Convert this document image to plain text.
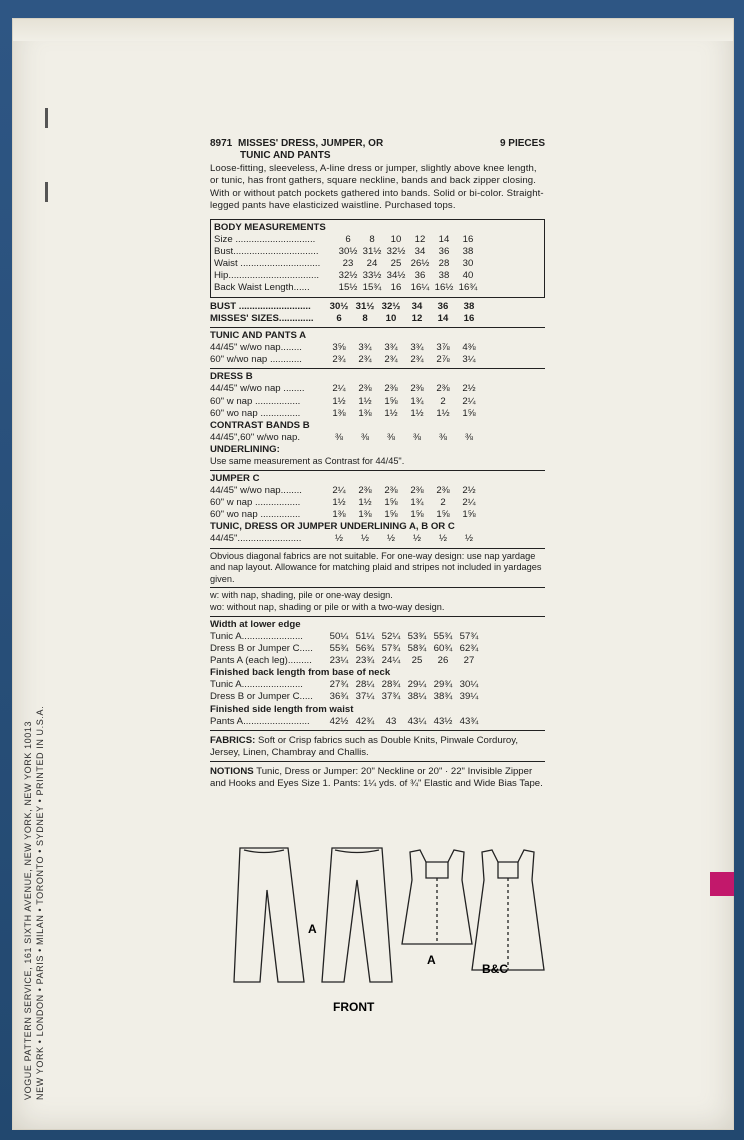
VOGUE PATTERN SERVICE, 161 SIXTH AVENUE, NEW YORK, NEW YORK 10013 NEW YORK • LONDON • PARIS • MILAN • TORONTO • SYDNEY • PRINTED IN U.S.A.
8971 MISSES' DRESS, JUMPER, OR	9 PIECES
TUNIC AND PANTS
Loose-fitting, sleeveless, A-line dress or jumper, slightly above knee length, or tunic, has front gathers, square neckline, bands and back zipper closing. With or without patch pockets gathered into bands. Solid or bi-color. Straight-legged pants have elasticized waistline. Purchased tops.
BODY MEASUREMENTS
Size ..............................	6	8	10	12	14	16
Bust................................	30½ 31½ 32½ 34	36	38
Waist ..............................	23	24	25 26½ 28	30
Hip..................................	32½ 33½ 34½ 36	38	40
Back Waist Length......	15½ 15¾ 16 16¼ 16½ 16¾
BUST ...........................	30½ 31½ 32½	34	36	38
MISSES' SIZES.............	6	8	10	12	14	16
TUNIC AND PANTS A
44/45" w/wo nap........	3⅝	3¾	3¾	3¾	3⅞	4⅜
60" w/wo nap ............	2¾	2¾	2¾	2¾	2⅞	3¼
DRESS B
44/45" w/wo nap ........	2¼	2⅜	2⅜	2⅜	2⅜	2½
60" w nap .................	1½	1½	1⅝	1¾	2	2¼
60" wo nap ...............	1⅜	1⅜	1½	1½	1½	1⅝
CONTRAST BANDS B
44/45",60" w/wo nap.	⅜	⅜	⅜	⅜	⅜	⅜
UNDERLINING:
Use same measurement as Contrast for 44/45".
JUMPER C
44/45" w/wo nap........	2¼	2⅜	2⅜	2⅜	2⅜	2½
60" w nap .................	1½	1½	1⅝	1¾	2	2¼
60" wo nap ...............	1⅜	1⅜	1⅝	1⅝	1⅝	1⅝
TUNIC, DRESS OR JUMPER UNDERLINING A, B OR C
44/45"........................	½	½	½	½	½	½
Obvious diagonal fabrics are not suitable. For one-way design: use nap yardage and nap layout. Allowance for matching plaid and stripes not included in yardages given.
w: with nap, shading, pile or one-way design.
wo: without nap, shading or pile or with a two-way design.
Width at lower edge
Tunic A.......................	50¼ 51¼ 52¼ 53¾ 55¾ 57¾
Dress B or Jumper C.....	55¾ 56¾ 57¾ 58¾ 60¾ 62¾
Pants A (each leg).........	23¼ 23¾ 24¼	25	26	27
Finished back length from base of neck
Tunic A.......................	27¾ 28¼ 28¾ 29¼ 29¾ 30¼
Dress B or Jumper C.....	36¾ 37¼ 37¾ 38¼ 38¾ 39¼
Finished side length from waist
Pants A.........................	42½ 42¾	43	43¼ 43½ 43¾
FABRICS: Soft or Crisp fabrics such as Double Knits, Pinwale Corduroy, Jersey, Linen, Chambray and Challis.
NOTIONS Tunic, Dress or Jumper: 20" Neckline or 20" · 22" Invisible Zipper and Hooks and Eyes Size 1. Pants: 1¼ yds. of ¾" Elastic and Wide Bias Tape.
A
FRONT
A
B&C
